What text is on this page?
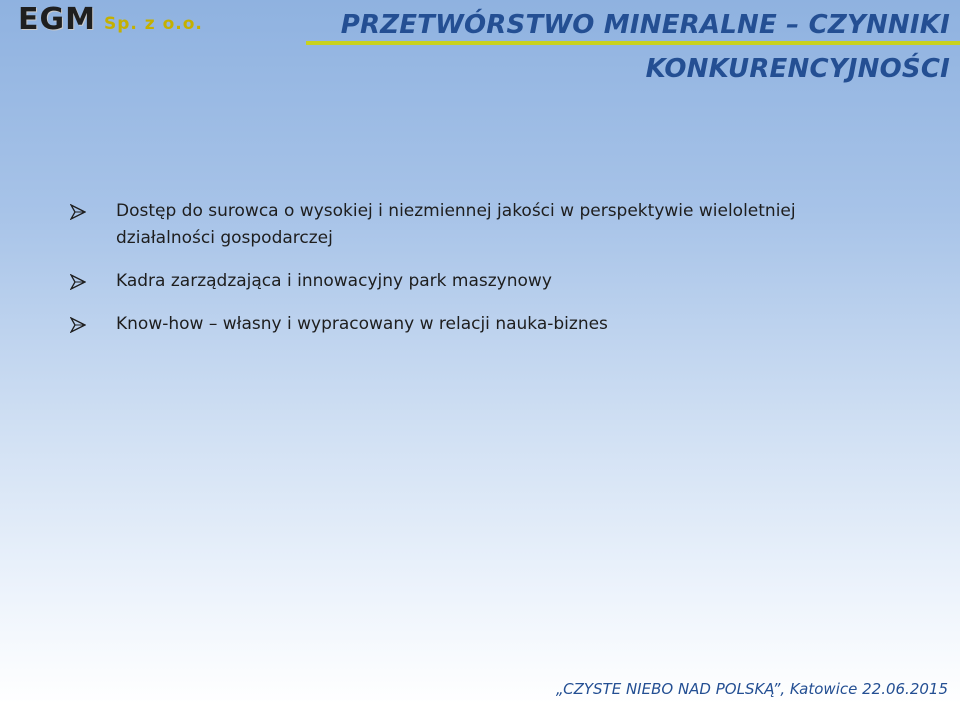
EGM Sp. z o.o.	PRZETWÓRSTWO MINERALNE – CZYNNIKI
KONKURENCYJNOŚCI
Dostęp do surowca o wysokiej i niezmiennej jakości w perspektywie wieloletniej działalności gospodarczej
Kadra zarządzająca i innowacyjny park maszynowy
Know-how – własny i wypracowany w relacji nauka-biznes
„CZYSTE NIEBO NAD POLSKĄ”, Katowice 22.06.2015
